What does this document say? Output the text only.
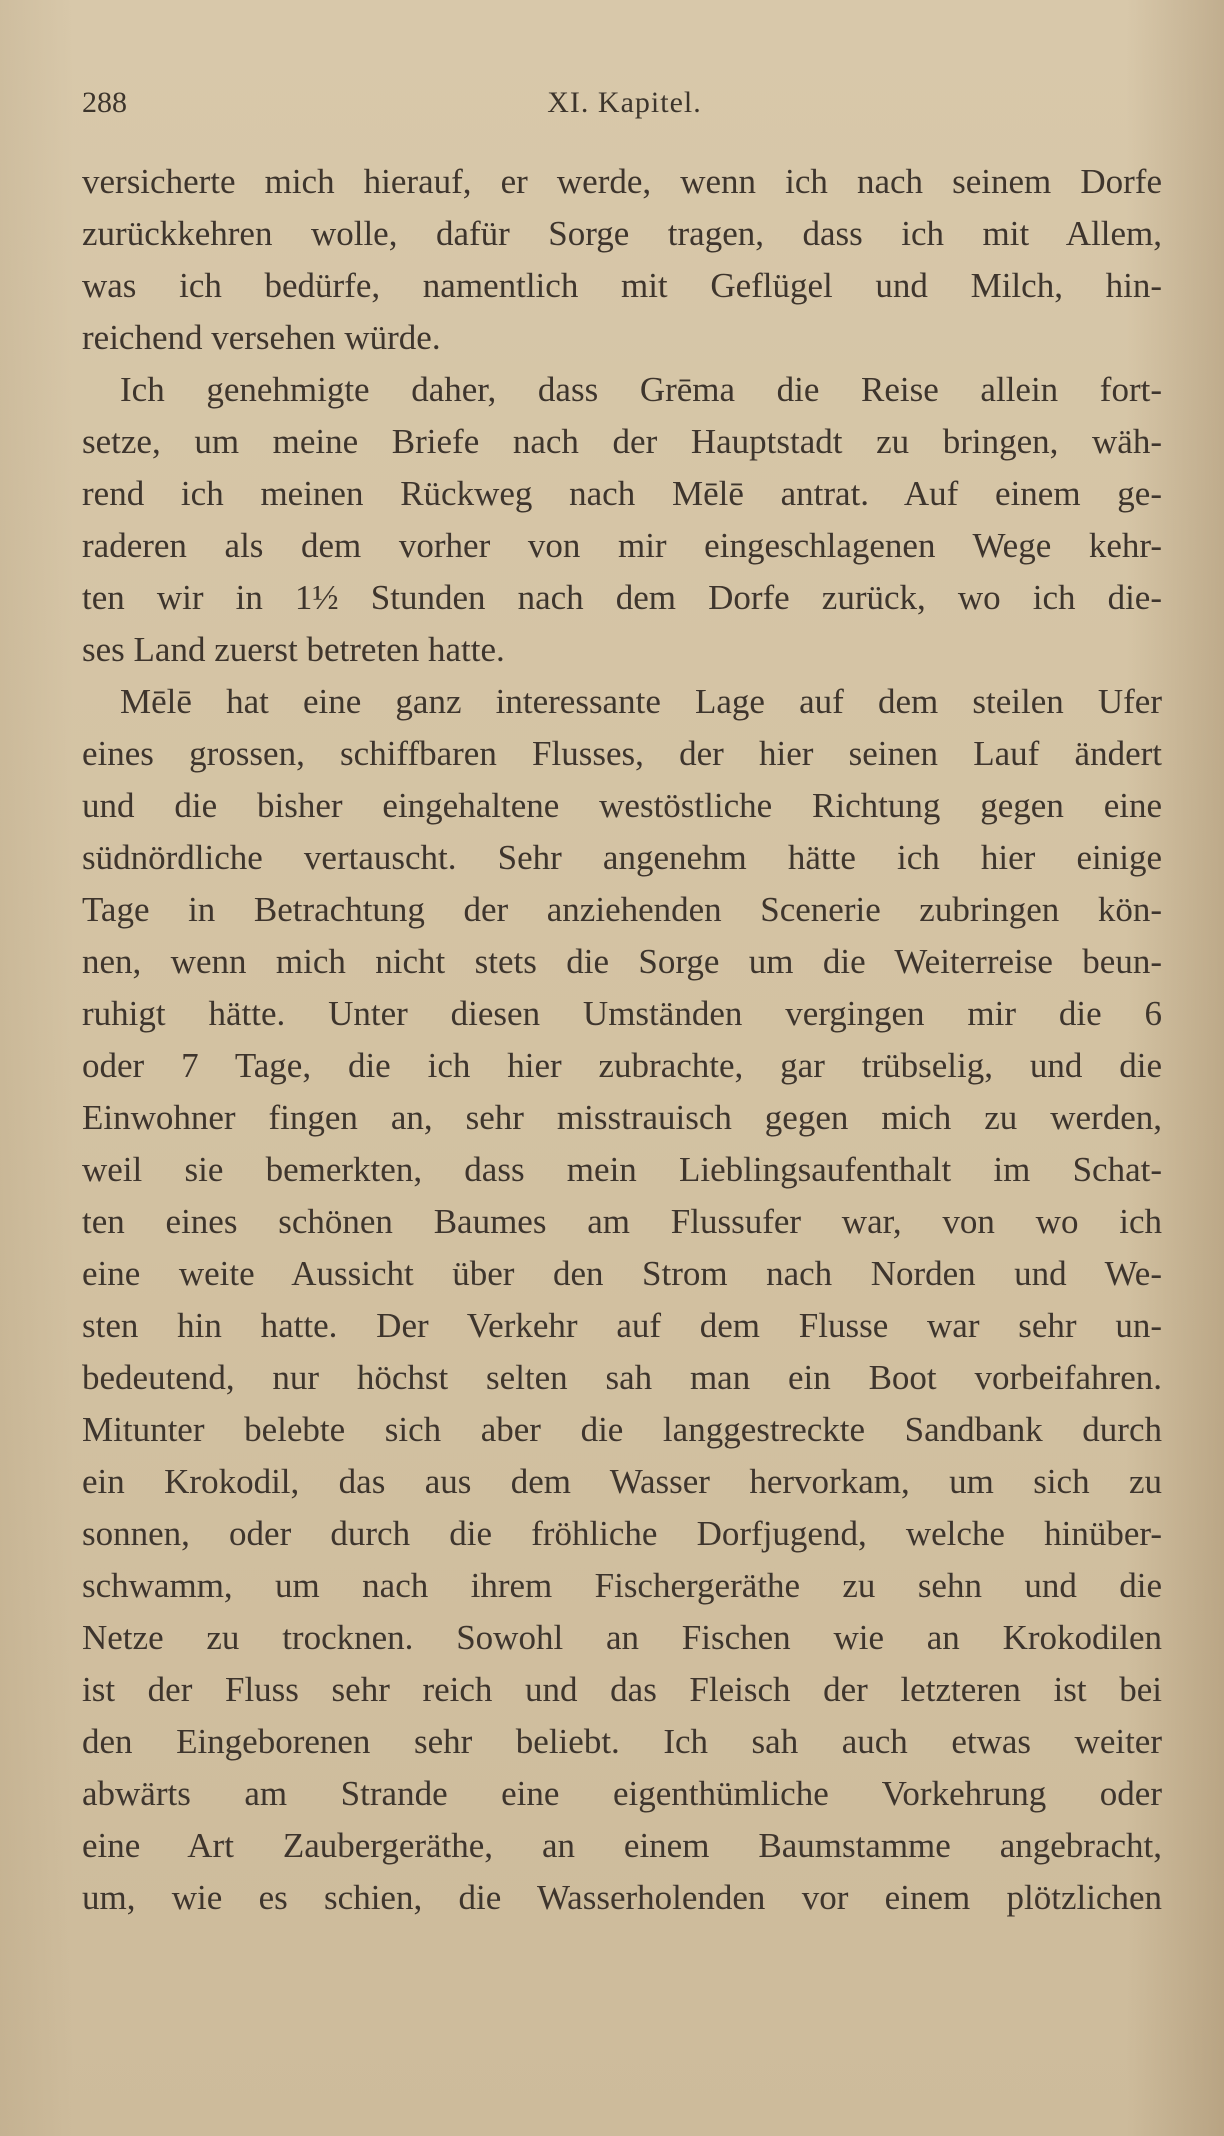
288	XI. Kapitel.
versicherte mich hierauf, er werde, wenn ich nach seinem Dorfe
zurückkehren wolle, dafür Sorge tragen, dass ich mit Allem,
was ich bedürfe, namentlich mit Geflügel und Milch, hin-
reichend versehen würde.
Ich genehmigte daher, dass Grēma die Reise allein fort-
setze, um meine Briefe nach der Hauptstadt zu bringen, wäh-
rend ich meinen Rückweg nach Mēlē antrat. Auf einem ge-
raderen als dem vorher von mir eingeschlagenen Wege kehr-
ten wir in 1½ Stunden nach dem Dorfe zurück, wo ich die-
ses Land zuerst betreten hatte.
Mēlē hat eine ganz interessante Lage auf dem steilen Ufer
eines grossen, schiffbaren Flusses, der hier seinen Lauf ändert
und die bisher eingehaltene westöstliche Richtung gegen eine
südnördliche vertauscht. Sehr angenehm hätte ich hier einige
Tage in Betrachtung der anziehenden Scenerie zubringen kön-
nen, wenn mich nicht stets die Sorge um die Weiterreise beun-
ruhigt hätte. Unter diesen Umständen vergingen mir die 6
oder 7 Tage, die ich hier zubrachte, gar trübselig, und die
Einwohner fingen an, sehr misstrauisch gegen mich zu werden,
weil sie bemerkten, dass mein Lieblingsaufenthalt im Schat-
ten eines schönen Baumes am Flussufer war, von wo ich
eine weite Aussicht über den Strom nach Norden und We-
sten hin hatte. Der Verkehr auf dem Flusse war sehr un-
bedeutend, nur höchst selten sah man ein Boot vorbeifahren.
Mitunter belebte sich aber die langgestreckte Sandbank durch
ein Krokodil, das aus dem Wasser hervorkam, um sich zu
sonnen, oder durch die fröhliche Dorfjugend, welche hinüber-
schwamm, um nach ihrem Fischergeräthe zu sehn und die
Netze zu trocknen. Sowohl an Fischen wie an Krokodilen
ist der Fluss sehr reich und das Fleisch der letzteren ist bei
den Eingeborenen sehr beliebt. Ich sah auch etwas weiter
abwärts am Strande eine eigenthümliche Vorkehrung oder
eine Art Zaubergeräthe, an einem Baumstamme angebracht,
um, wie es schien, die Wasserholenden vor einem plötzlichen
